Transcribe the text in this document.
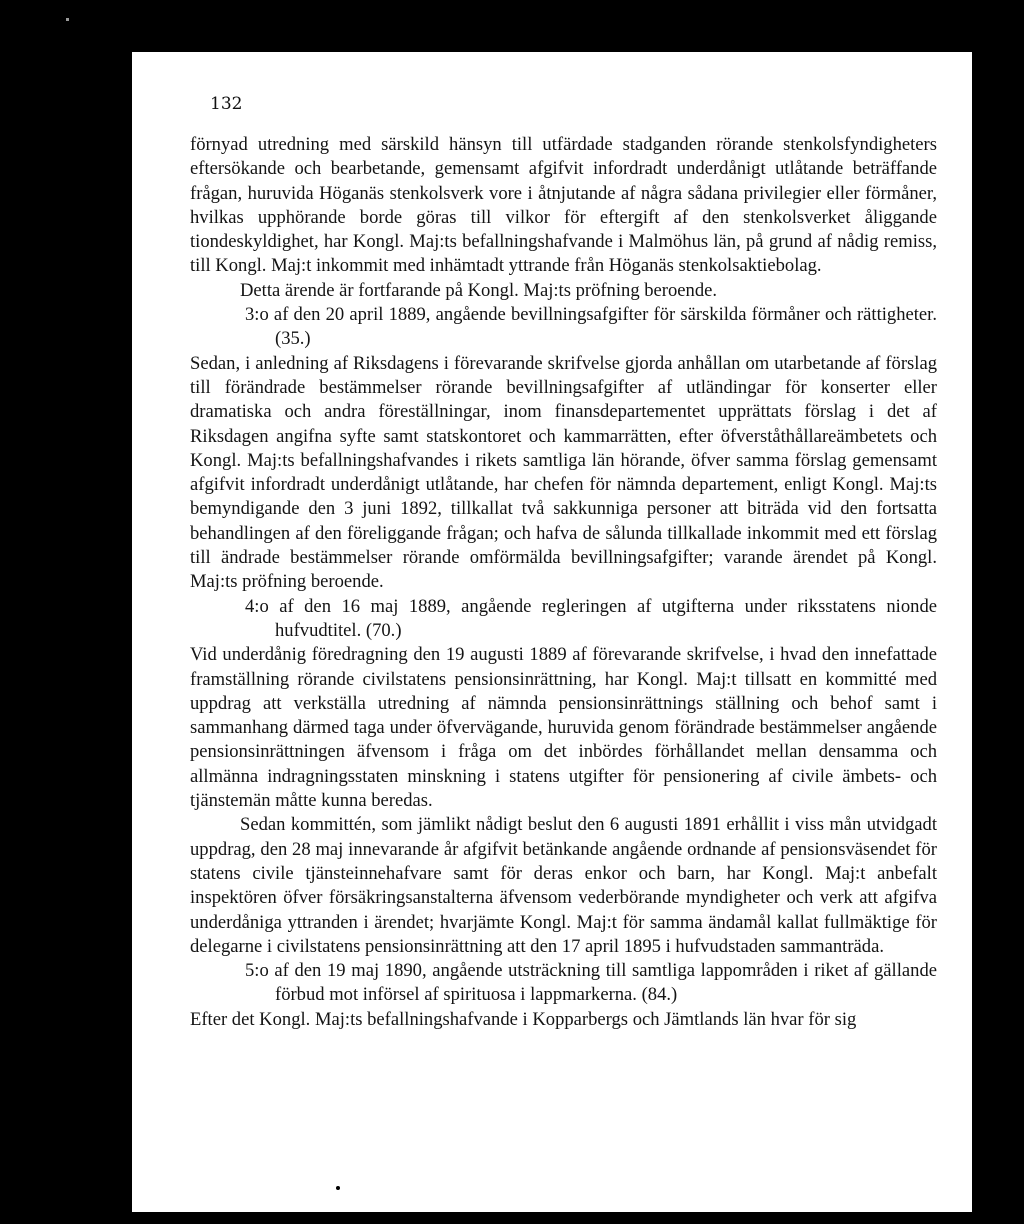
132

förnyad utredning med särskild hänsyn till utfärdade stadganden rörande stenkolsfyndigheters eftersökande och bearbetande, gemensamt afgifvit infordradt underdånigt utlåtande beträffande frågan, huruvida Höganäs stenkolsverk vore i åtnjutande af några sådana privilegier eller förmåner, hvilkas upphörande borde göras till vilkor för eftergift af den stenkolsverket åliggande tiondeskyldighet, har Kongl. Maj:ts befallningshafvande i Malmöhus län, på grund af nådig remiss, till Kongl. Maj:t inkommit med inhämtadt yttrande från Höganäs stenkolsaktiebolag.

Detta ärende är fortfarande på Kongl. Maj:ts pröfning beroende.

3:o af den 20 april 1889, angående bevillningsafgifter för särskilda förmåner och rättigheter. (35.)

Sedan, i anledning af Riksdagens i förevarande skrifvelse gjorda anhållan om utarbetande af förslag till förändrade bestämmelser rörande bevillningsafgifter af utländingar för konserter eller dramatiska och andra föreställningar, inom finansdepartementet upprättats förslag i det af Riksdagen angifna syfte samt statskontoret och kammarrätten, efter öfverståthållareämbetets och Kongl. Maj:ts befallningshafvandes i rikets samtliga län hörande, öfver samma förslag gemensamt afgifvit infordradt underdånigt utlåtande, har chefen för nämnda departement, enligt Kongl. Maj:ts bemyndigande den 3 juni 1892, tillkallat två sakkunniga personer att biträda vid den fortsatta behandlingen af den föreliggande frågan; och hafva de sålunda tillkallade inkommit med ett förslag till ändrade bestämmelser rörande omförmälda bevillningsafgifter; varande ärendet på Kongl. Maj:ts pröfning beroende.

4:o af den 16 maj 1889, angående regleringen af utgifterna under riksstatens nionde hufvudtitel. (70.)

Vid underdånig föredragning den 19 augusti 1889 af förevarande skrifvelse, i hvad den innefattade framställning rörande civilstatens pensionsinrättning, har Kongl. Maj:t tillsatt en kommitté med uppdrag att verkställa utredning af nämnda pensionsinrättnings ställning och behof samt i sammanhang därmed taga under öfvervägande, huruvida genom förändrade bestämmelser angående pensionsinrättningen äfvensom i fråga om det inbördes förhållandet mellan densamma och allmänna indragningsstaten minskning i statens utgifter för pensionering af civile ämbets- och tjänstemän måtte kunna beredas.

Sedan kommittén, som jämlikt nådigt beslut den 6 augusti 1891 erhållit i viss mån utvidgadt uppdrag, den 28 maj innevarande år afgifvit betänkande angående ordnande af pensionsväsendet för statens civile tjänsteinnehafvare samt för deras enkor och barn, har Kongl. Maj:t anbefalt inspektören öfver försäkringsanstalterna äfvensom vederbörande myndigheter och verk att afgifva underdåniga yttranden i ärendet; hvarjämte Kongl. Maj:t för samma ändamål kallat fullmäktige för delegarne i civilstatens pensionsinrättning att den 17 april 1895 i hufvudstaden sammanträda.

5:o af den 19 maj 1890, angående utsträckning till samtliga lappområden i riket af gällande förbud mot införsel af spirituosa i lappmarkerna. (84.)

Efter det Kongl. Maj:ts befallningshafvande i Kopparbergs och Jämtlands län hvar för sig
